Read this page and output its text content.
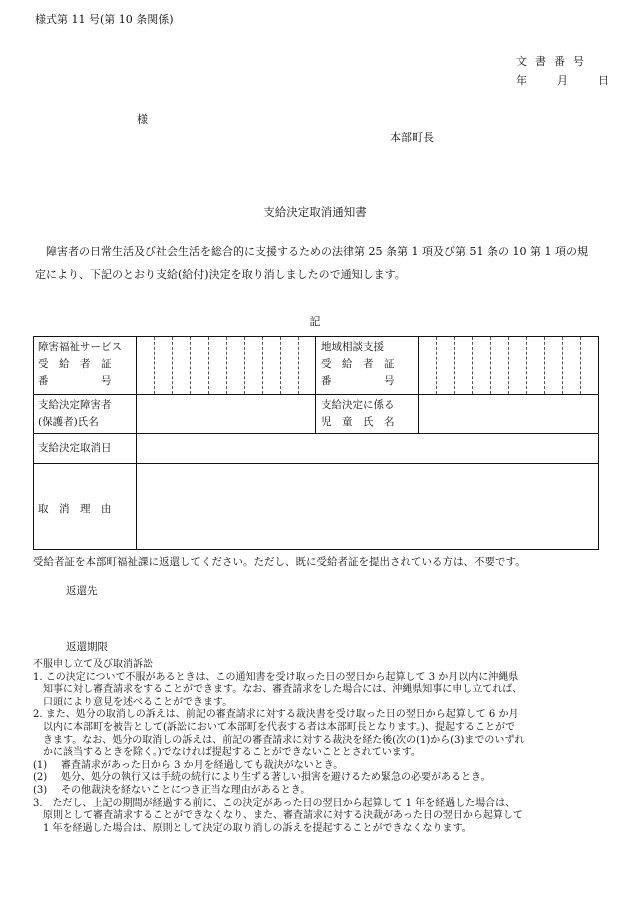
様式第 11 号(第 10 条関係)
文書番号
年	月	日
様
本部町長
支給決定取消通知書
障害者の日常生活及び社会生活を総合的に支援するための法律第 25 条第 1 項及び第 51 条の 10 第 1 項の規
定により、下記のとおり支給(給付)決定を取り消しましたので通知します。
記
障害福祉サービス
受　給　者　証
番　　　　　号
地域相談支援
受　給　者　証
番　　　　　号
支給決定障害者
(保護者)氏名
支給決定に係る
児　童　氏　名
支給決定取消日
取　消　理　由
受給者証を本部町福祉課に返還してください。ただし、既に受給者証を提出されている方は、不要です。
返還先
返還期限

不服申し立て及び取消訴訟

1. この決定について不服があるときは、この通知書を受け取った日の翌日から起算して 3 か月以内に沖縄県

知事に対し審査請求をすることができます。なお、審査請求をした場合には、沖縄県知事に申し立てれば、

口頭により意見を述べることができます。

2. また、処分の取消しの訴えは、前記の審査請求に対する裁決書を受け取った日の翌日から起算して 6 か月

以内に本部町を被告として(訴訟において本部町を代表する者は本部町長となります。)、提起することがで

きます。なお、処分の取消しの訴えは、前記の審査請求に対する裁決を経た後(次の(1)から(3)までのいずれ

かに該当するときを除く。)でなければ提起することができないこととされています。

(1) 審査請求があった日から 3 か月を経過しても裁決がないとき。

(2) 処分、処分の執行又は手続の続行により生ずる著しい損害を避けるため緊急の必要があるとき。

(3) その他裁決を経ないことにつき正当な理由があるとき。

3.　ただし、上記の期間が経過する前に、この決定があった日の翌日から起算して 1 年を経過した場合は、

原則として審査請求することができなくなり、また、審査請求に対する決裁があった日の翌日から起算して

1 年を経過した場合は、原則として決定の取り消しの訴えを提起することができなくなります。
